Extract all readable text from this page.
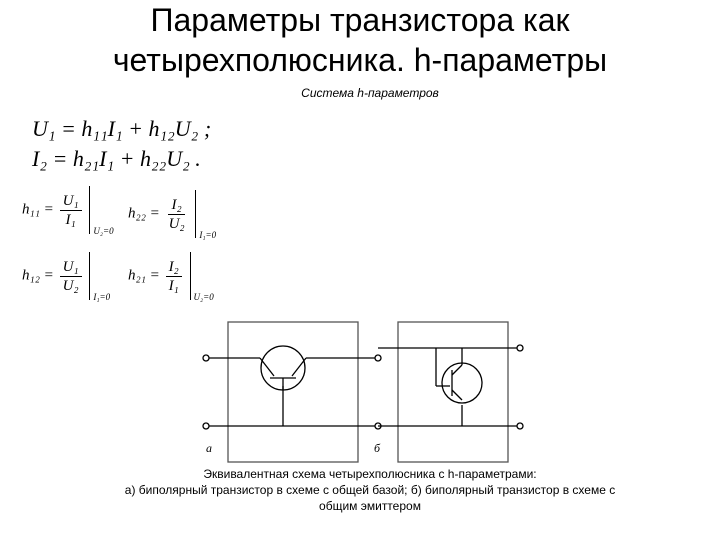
Параметры транзистора как
четырехполюсника. h-параметры
Система h-параметров
U₁ = h₁₁I₁ + h₁₂U₂ ;
I₂ = h₂₁I₁ + h₂₂U₂ .
$h_{11} = \frac{\text{U₁}}{\text{I₁}}$

U₂=0
$h_{22} = \frac{\text{I₂}}{\text{U₂}}$

I₁=0
$h_{12} = \frac{\text{U₁}}{\text{U₂}}$

I₁=0
$h_{21} = \frac{\text{I₂}}{\text{I₁}}$

U₂=0
а	б
Эквивалентная схема четырехполюсника с h-параметрами:
а) биполярный транзистор в схеме с общей базой; б) биполярный транзистор в схеме с
общим эмиттером
